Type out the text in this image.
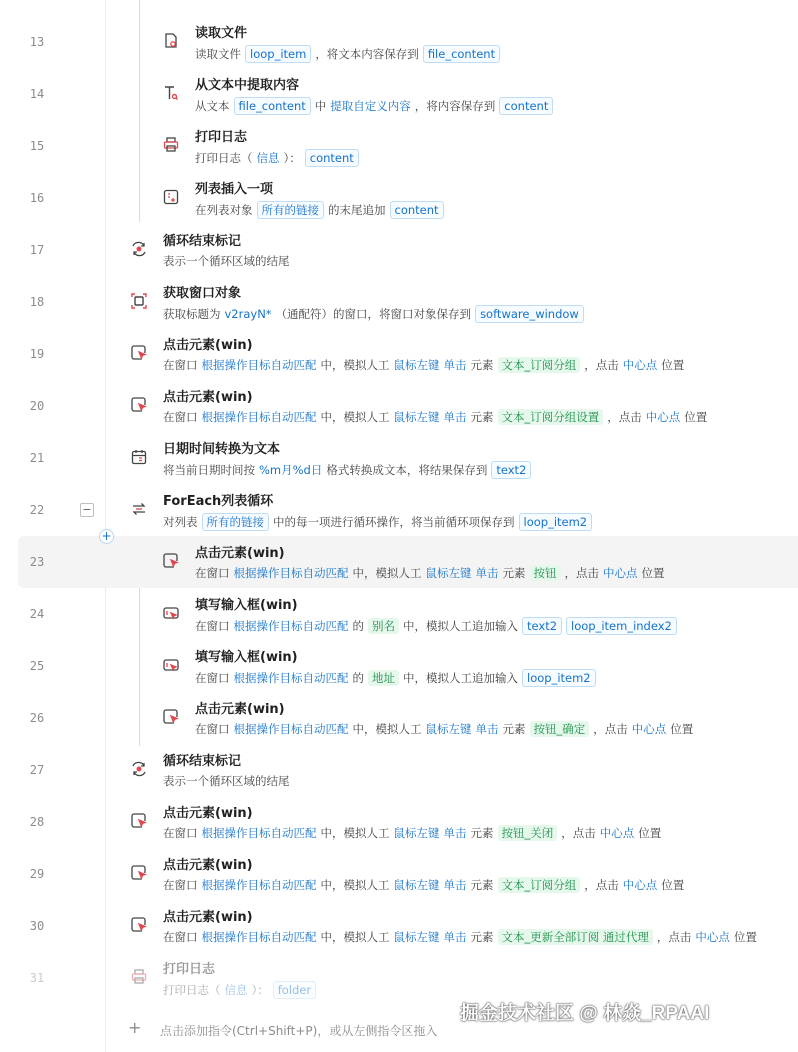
13
读取文件
读取文件 loop_item ，将文本内容保存到 file_content
14
从文本中提取内容
从文本 file_content 中 提取自定义内容 ，将内容保存到 content
15
打印日志
打印日志（ 信息 ）： content
16
列表插入一项
在列表对象 所有的链接 的末尾追加 content
17
循环结束标记
表示一个循环区域的结尾
18
获取窗口对象
获取标题为 v2rayN* （通配符）的窗口，将窗口对象保存到 software_window
19
点击元素(win)
在窗口 根据操作目标自动匹配 中，模拟人工 鼠标左键 单击 元素 文本_订阅分组 ，点击 中心点 位置
20
点击元素(win)
在窗口 根据操作目标自动匹配 中，模拟人工 鼠标左键 单击 元素 文本_订阅分组设置 ，点击 中心点 位置
21
日期时间转换为文本
将当前日期时间按 %m月%d日 格式转换成文本，将结果保存到 text2
22	−
ForEach列表循环
对列表 所有的链接 中的每一项进行循环操作，将当前循环项保存到 loop_item2
23
点击元素(win)
在窗口 根据操作目标自动匹配 中，模拟人工 鼠标左键 单击 元素 按钮 ，点击 中心点 位置
24
填写输入框(win)
在窗口 根据操作目标自动匹配 的 别名 中，模拟人工追加输入 text2	loop_item_index2
25
填写输入框(win)
在窗口 根据操作目标自动匹配 的 地址 中，模拟人工追加输入 loop_item2
26
点击元素(win)
在窗口 根据操作目标自动匹配 中，模拟人工 鼠标左键 单击 元素 按钮_确定 ，点击 中心点 位置
27
循环结束标记
表示一个循环区域的结尾
28
点击元素(win)
在窗口 根据操作目标自动匹配 中，模拟人工 鼠标左键 单击 元素 按钮_关闭 ，点击 中心点 位置
29
点击元素(win)
在窗口 根据操作目标自动匹配 中，模拟人工 鼠标左键 单击 元素 文本_订阅分组 ，点击 中心点 位置
30
点击元素(win)
在窗口 根据操作目标自动匹配 中，模拟人工 鼠标左键 单击 元素 文本_更新全部订阅 通过代理 ，点击 中心点 位置
31
打印日志
打印日志（ 信息 ）： folder
+
+ 点击添加指令(Ctrl+Shift+P)，或从左侧指令区拖入
掘金技术社区 @ 林焱_RPAAI
